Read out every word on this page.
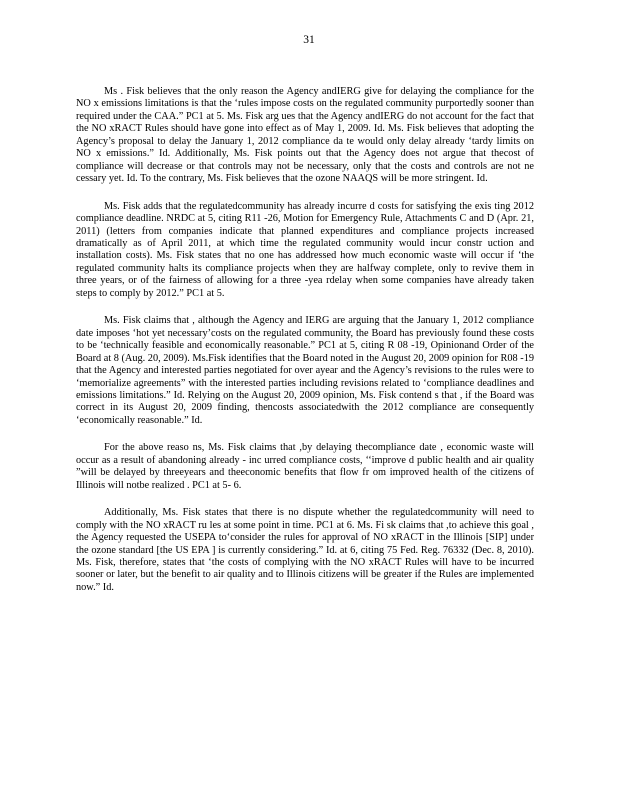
31

Ms . Fisk believes that the only reason the Agency andIERG give for delaying the compliance for the NO x emissions limitations is that the ‘rules impose costs on the regulated community purportedly sooner than required under the CAA.” PC1 at 5. Ms. Fisk arg ues that the Agency andIERG do not account for the fact that the NO xRACT Rules should have gone into effect as of May 1, 2009. Id. Ms. Fisk believes that adopting the Agency’s proposal to delay the January 1, 2012 compliance da te would only delay already ‘tardy limits on NO x emissions.” Id. Additionally, Ms. Fisk points out that the Agency does not argue that thecost of compliance will decrease or that controls may not be necessary, only that the costs and controls are not ne cessary yet. Id. To the contrary, Ms. Fisk believes that the ozone NAAQS will be more stringent. Id.

Ms. Fisk adds that the regulatedcommunity has already incurre d costs for satisfying the exis ting 2012 compliance deadline. NRDC at 5, citing R11 -26, Motion for Emergency Rule, Attachments C and D (Apr. 21, 2011) (letters from companies indicate that planned expenditures and compliance projects increased dramatically as of April 2011, at which time the regulated community would incur constr uction and installation costs). Ms. Fisk states that no one has addressed how much economic waste will occur if ‘the regulated community halts its compliance projects when they are halfway complete, only to revive them in three years, or of the fairness of allowing for a three -yea rdelay when some companies have already taken steps to comply by 2012.” PC1 at 5.

Ms. Fisk claims that , although the Agency and IERG are arguing that the January 1, 2012 compliance date imposes ‘hot yet necessary’costs on the regulated community, the Board has previously found these costs to be ‘technically feasible and economically reasonable.” PC1 at 5, citing R 08 -19, Opinionand Order of the Board at 8 (Aug. 20, 2009). Ms.Fisk identifies that the Board noted in the August 20, 2009 opinion for R08 -19 that the Agency and interested parties negotiated for over ayear and the Agency’s revisions to the rules were to ‘memorialize agreements” with the interested parties including revisions related to ‘compliance deadlines and emissions limitations.” Id. Relying on the August 20, 2009 opinion, Ms. Fisk contend s that , if the Board was correct in its August 20, 2009 finding, thencosts associatedwith the 2012 compliance are consequently ‘economically reasonable.” Id.

For the above reaso ns, Ms. Fisk claims that ,by delaying thecompliance date , economic waste will occur as a result of abandoning already - inc urred compliance costs, ‘‘improve d public health and air quality ”will be delayed by threeyears and theeconomic benefits that flow fr om improved health of the citizens of Illinois will notbe realized . PC1 at 5- 6.

Additionally, Ms. Fisk states that there is no dispute whether the regulatedcommunity will need to comply with the NO xRACT ru les at some point in time. PC1 at 6. Ms. Fi sk claims that ,to achieve this goal , the Agency requested the USEPA to‘consider the rules for approval of NO xRACT in the Illinois [SIP] under the ozone standard [the US EPA ] is currently considering.” Id. at 6, citing 75 Fed. Reg. 76332 (Dec. 8, 2010). Ms. Fisk, therefore, states that ‘the costs of complying with the NO xRACT Rules will have to be incurred sooner or later, but the benefit to air quality and to Illinois citizens will be greater if the Rules are implemented now.” Id.
